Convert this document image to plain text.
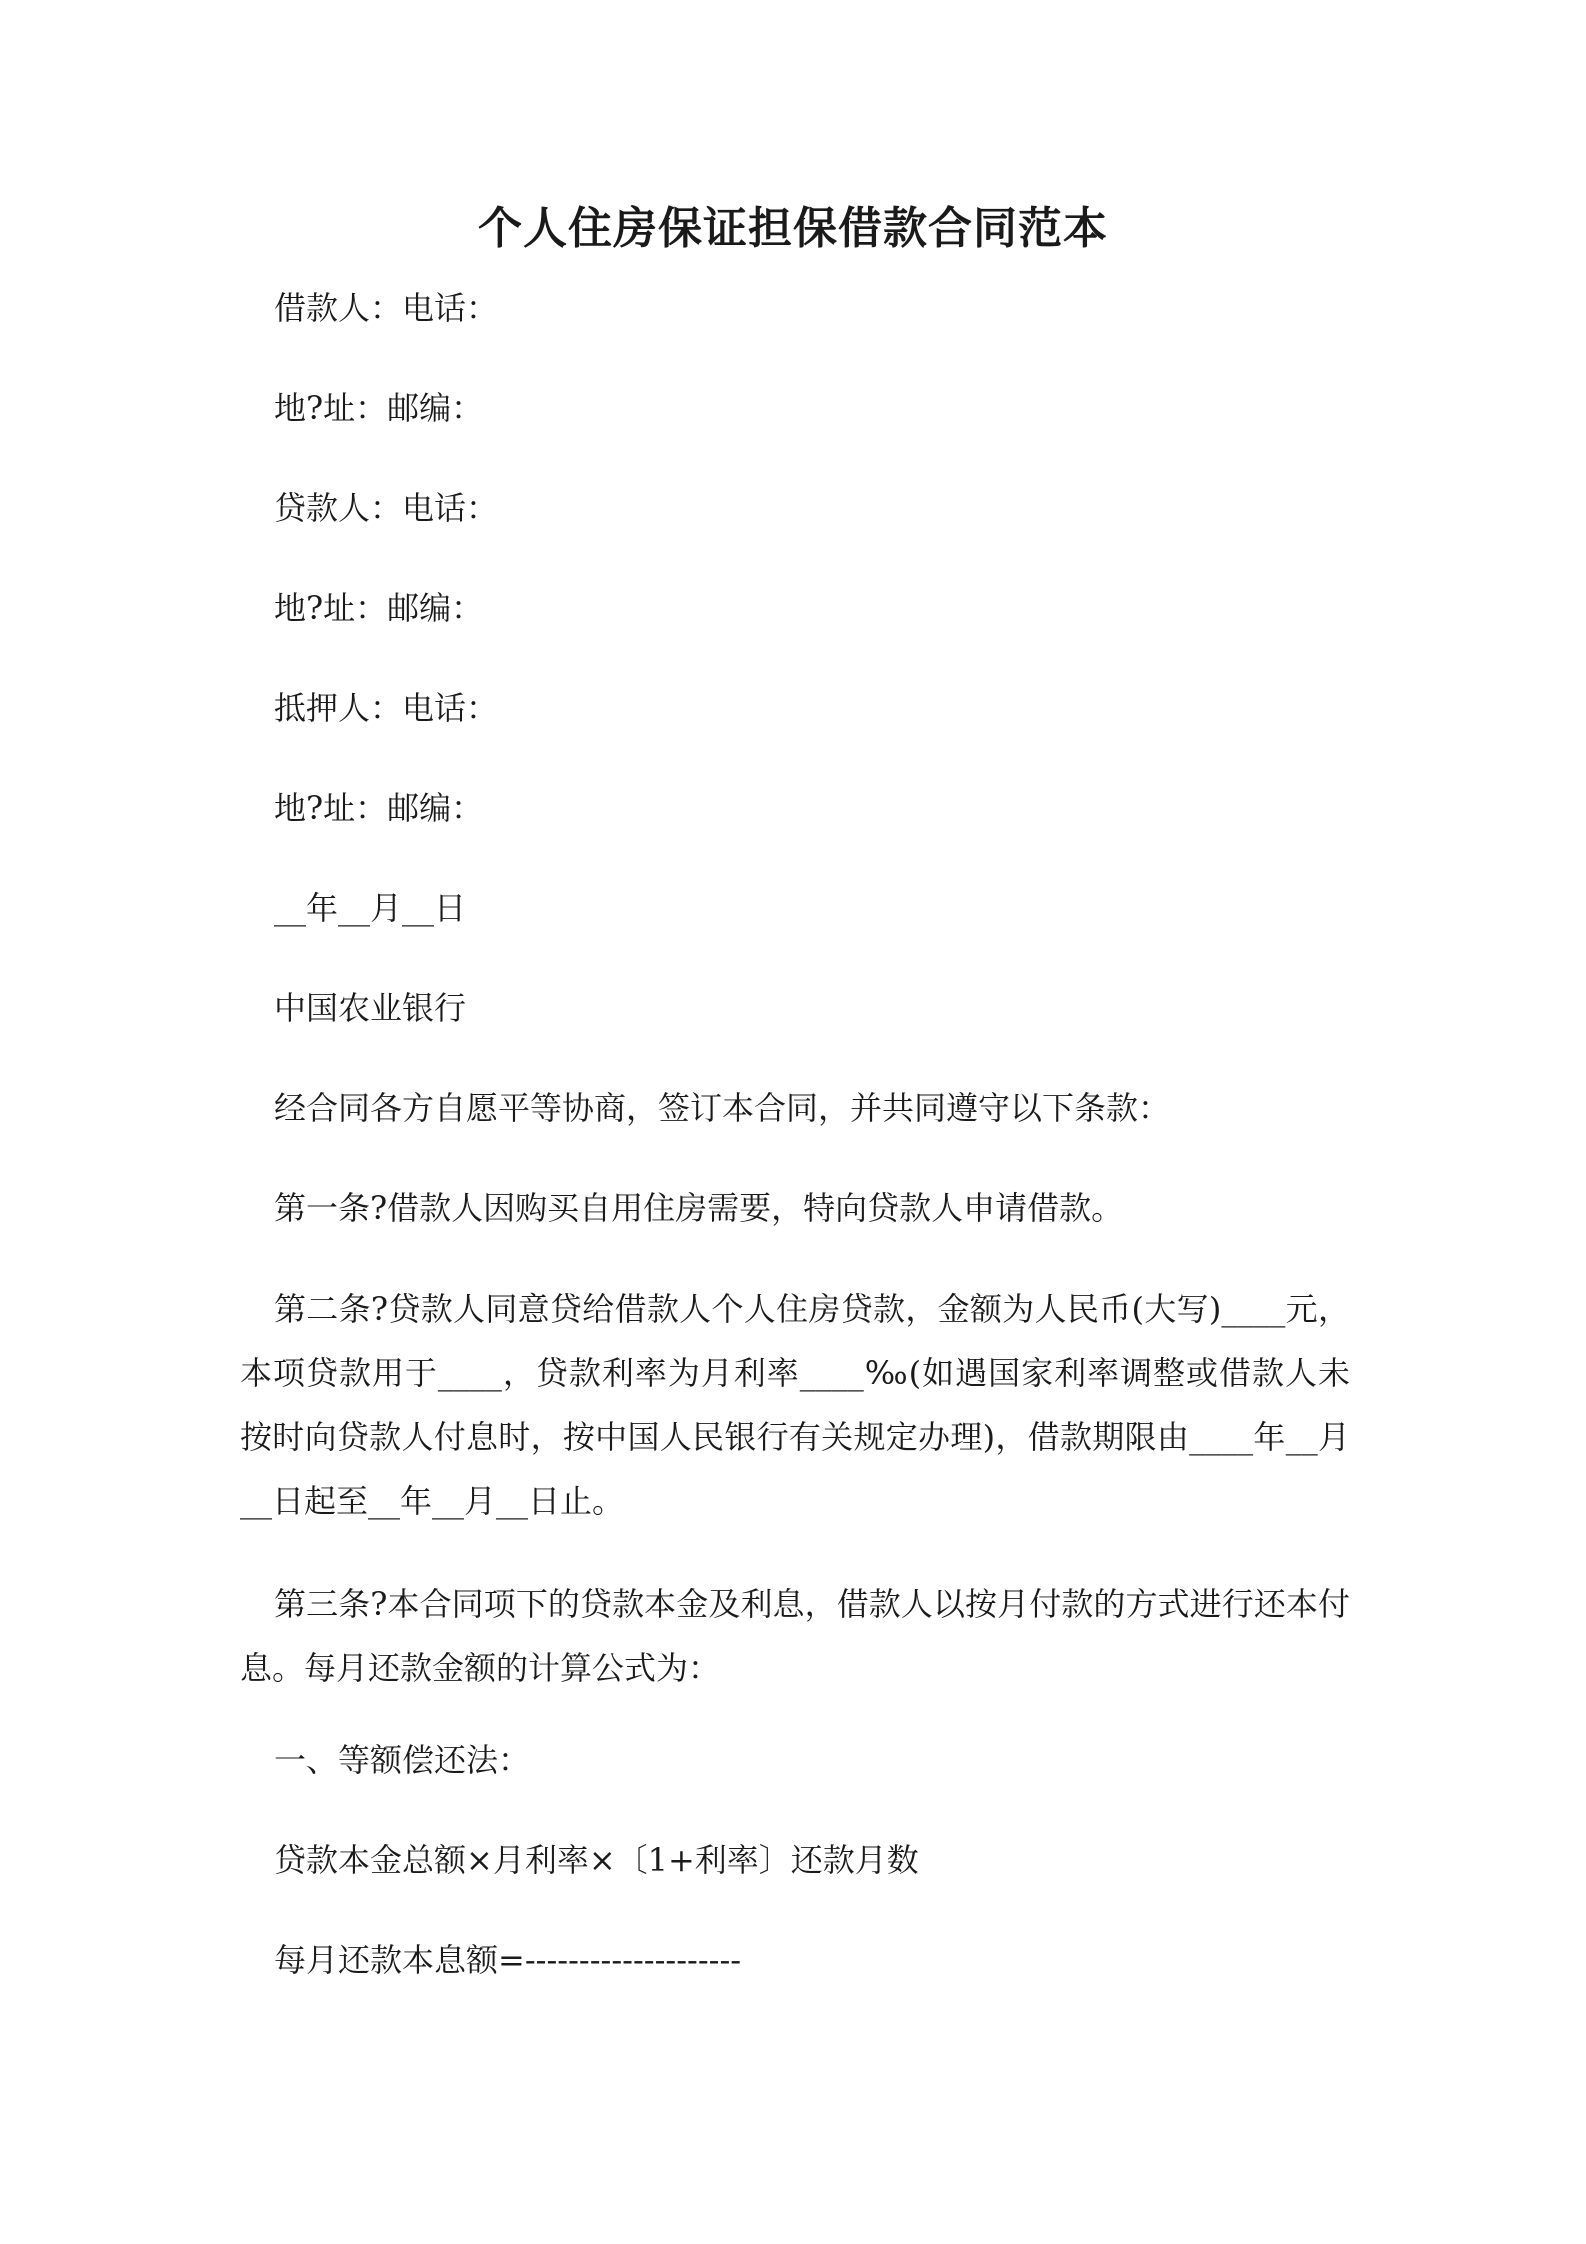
个人住房保证担保借款合同范本
借款人：电话：
地?址：邮编：
贷款人：电话：
地?址：邮编：
抵押人：电话：
地?址：邮编：
__年__月__日
中国农业银行
经合同各方自愿平等协商，签订本合同，并共同遵守以下条款：
第一条?借款人因购买自用住房需要，特向贷款人申请借款。
第二条?贷款人同意贷给借款人个人住房贷款，金额为人民币(大写)____元，本项贷款用于____，贷款利率为月利率____‰(如遇国家利率调整或借款人未按时向贷款人付息时，按中国人民银行有关规定办理)，借款期限由____年__月__日起至__年__月__日止。
第三条?本合同项下的贷款本金及利息，借款人以按月付款的方式进行还本付息。每月还款金额的计算公式为：
一、等额偿还法：
贷款本金总额×月利率×〔1+利率〕还款月数
每月还款本息额=--------------------
